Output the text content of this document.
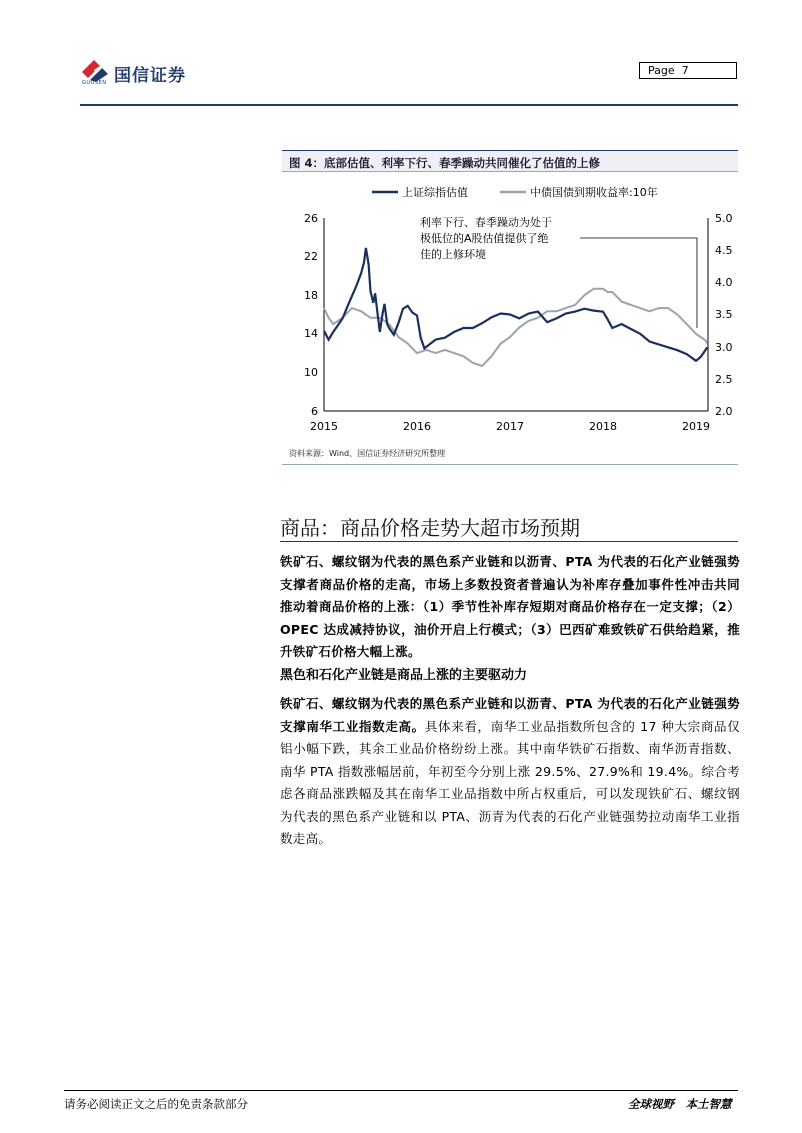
国信证券
GUOSEN
Page 7
图 4：底部估值、利率下行、春季躁动共同催化了估值的上修
上证综指估值	中债国债到期收益率:10年
26
22
18
14
10
6
5.0
4.5
4.0
3.5
3.0
2.5
2.0
2015	2016	2017	2018	2019
利率下行、春季躁动为处于
极低位的A股估值提供了绝
佳的上修环境
资料来源：Wind、国信证券经济研究所整理
商品：商品价格走势大超市场预期
铁矿石、螺纹钢为代表的黑色系产业链和以沥青、PTA 为代表的石化产业链强势支撑者商品价格的走高，市场上多数投资者普遍认为补库存叠加事件性冲击共同推动着商品价格的上涨：（1）季节性补库存短期对商品价格存在一定支撑；（2）OPEC 达成减持协议，油价开启上行模式；（3）巴西矿难致铁矿石供给趋紧，推升铁矿石价格大幅上涨。
黑色和石化产业链是商品上涨的主要驱动力
铁矿石、螺纹钢为代表的黑色系产业链和以沥青、PTA 为代表的石化产业链强势支撑南华工业指数走高。具体来看，南华工业品指数所包含的 17 种大宗商品仅铝小幅下跌，其余工业品价格纷纷上涨。其中南华铁矿石指数、南华沥青指数、南华 PTA 指数涨幅居前，年初至今分别上涨 29.5%、27.9%和 19.4%。综合考虑各商品涨跌幅及其在南华工业品指数中所占权重后，可以发现铁矿石、螺纹钢为代表的黑色系产业链和以 PTA、沥青为代表的石化产业链强势拉动南华工业指数走高。
请务必阅读正文之后的免责条款部分	全球视野　本土智慧
